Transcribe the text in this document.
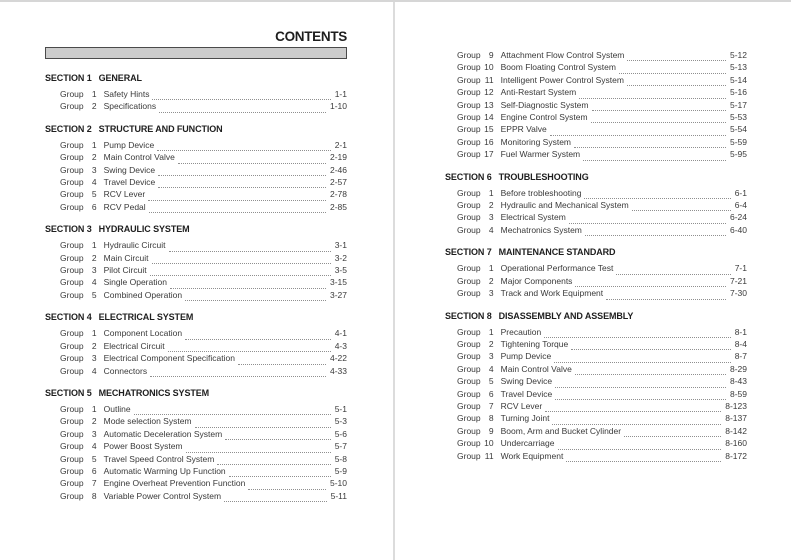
CONTENTS
SECTION 1 GENERAL
Group 1 Safety Hints	1-1
Group 2 Specifications	1-10
SECTION 2 STRUCTURE AND FUNCTION
Group 1 Pump Device	2-1
Group 2 Main Control Valve	2-19
Group 3 Swing Device	2-46
Group 4 Travel Device	2-57
Group 5 RCV Lever	2-78
Group 6 RCV Pedal	2-85
SECTION 3 HYDRAULIC SYSTEM
Group 1 Hydraulic Circuit	3-1
Group 2 Main Circuit	3-2
Group 3 Pilot Circuit	3-5
Group 4 Single Operation	3-15
Group 5 Combined Operation	3-27
SECTION 4 ELECTRICAL SYSTEM
Group 1 Component Location	4-1
Group 2 Electrical Circuit	4-3
Group 3 Electrical Component Specification	4-22
Group 4 Connectors	4-33
SECTION 5 MECHATRONICS SYSTEM
Group 1 Outline	5-1
Group 2 Mode selection System	5-3
Group 3 Automatic Deceleration System	5-6
Group 4 Power Boost System	5-7
Group 5 Travel Speed Control System	5-8
Group 6 Automatic Warming Up Function	5-9
Group 7 Engine Overheat Prevention Function	5-10
Group 8 Variable Power Control System	5-11
Group 9 Attachment Flow Control System	5-12
Group 10 Boom Floating Control System	5-13
Group 11 Intelligent Power Control System	5-14
Group 12 Anti-Restart System	5-16
Group 13 Self-Diagnostic System	5-17
Group 14 Engine Control System	5-53
Group 15 EPPR Valve	5-54
Group 16 Monitoring System	5-59
Group 17 Fuel Warmer System	5-95
SECTION 6 TROUBLESHOOTING
Group 1 Before trobleshooting	6-1
Group 2 Hydraulic and Mechanical System	6-4
Group 3 Electrical System	6-24
Group 4 Mechatronics System	6-40
SECTION 7 MAINTENANCE STANDARD
Group 1 Operational Performance Test	7-1
Group 2 Major Components	7-21
Group 3 Track and Work Equipment	7-30
SECTION 8 DISASSEMBLY AND ASSEMBLY
Group 1 Precaution	8-1
Group 2 Tightening Torque	8-4
Group 3 Pump Device	8-7
Group 4 Main Control Valve	8-29
Group 5 Swing Device	8-43
Group 6 Travel Device	8-59
Group 7 RCV Lever	8-123
Group 8 Turning Joint	8-137
Group 9 Boom, Arm and Bucket Cylinder	8-142
Group 10 Undercarriage	8-160
Group 11 Work Equipment	8-172
